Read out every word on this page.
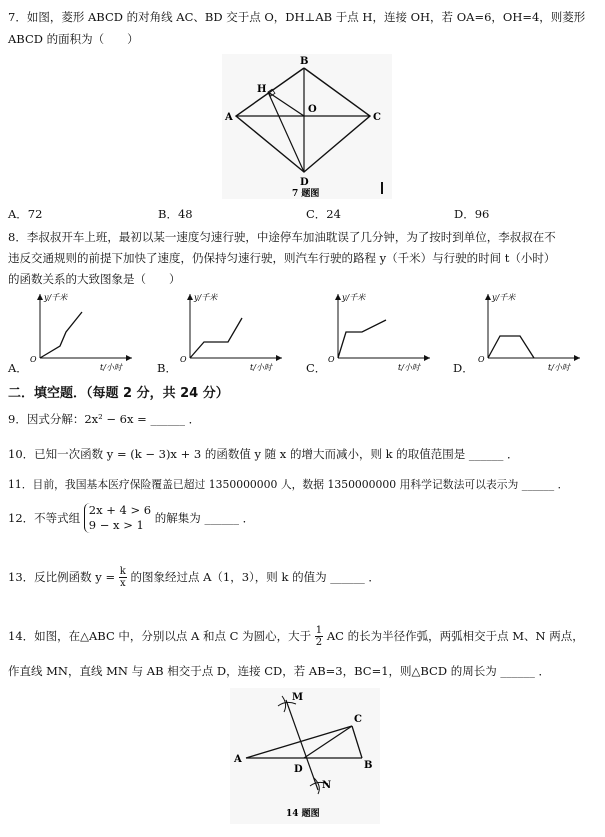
7．如图，菱形 ABCD 的对角线 AC、BD 交于点 O，DH⊥AB 于点 H，连接 OH，若 OA=6，OH=4，则菱形
ABCD 的面积为（　　）
B
A	C
D
H
O
7 题图
A．72	B．48	C．24	D．96
8．李叔叔开车上班，最初以某一速度匀速行驶，中途停车加油耽误了几分钟，为了按时到单位，李叔叔在不
违反交通规则的前提下加快了速度，仍保持匀速行驶，则汽车行驶的路程 y（千米）与行驶的时间 t（小时）
的函数关系的大致图象是（　　）
A．
y/千米
t/小时
O
B．
y/千米
t/小时
O
C．
y/千米
t/小时
O
D．
y/千米
t/小时
O
二．填空题．（每题 2 分，共 24 分）
9．因式分解：2x² − 6x = ______ ．
10．已知一次函数 y = (k − 3)x + 3 的函数值 y 随 x 的增大而减小，则 k 的取值范围是 ______ ．
11．目前，我国基本医疗保险覆盖已超过 1350000000 人，数据 1350000000 用科学记数法可以表示为 ______ ．
12．不等式组
2x + 4 > 6
9 − x > 1 的解集为 ______ ．
13．反比例函数 $y = \frac{k}{x}$ 的图象经过点 A（1，3），则 k 的值为 ______ ．
14．如图，在△ABC 中，分别以点 A 和点 C 为圆心，大于 $\frac{1}{2}$ AC 的长为半径作弧，两弧相交于点 M、N 两点，
作直线 MN，直线 MN 与 AB 相交于点 D，连接 CD，若 AB=3，BC=1，则△BCD 的周长为 ______ ．
M
C
A
D	B
N
14 题图
